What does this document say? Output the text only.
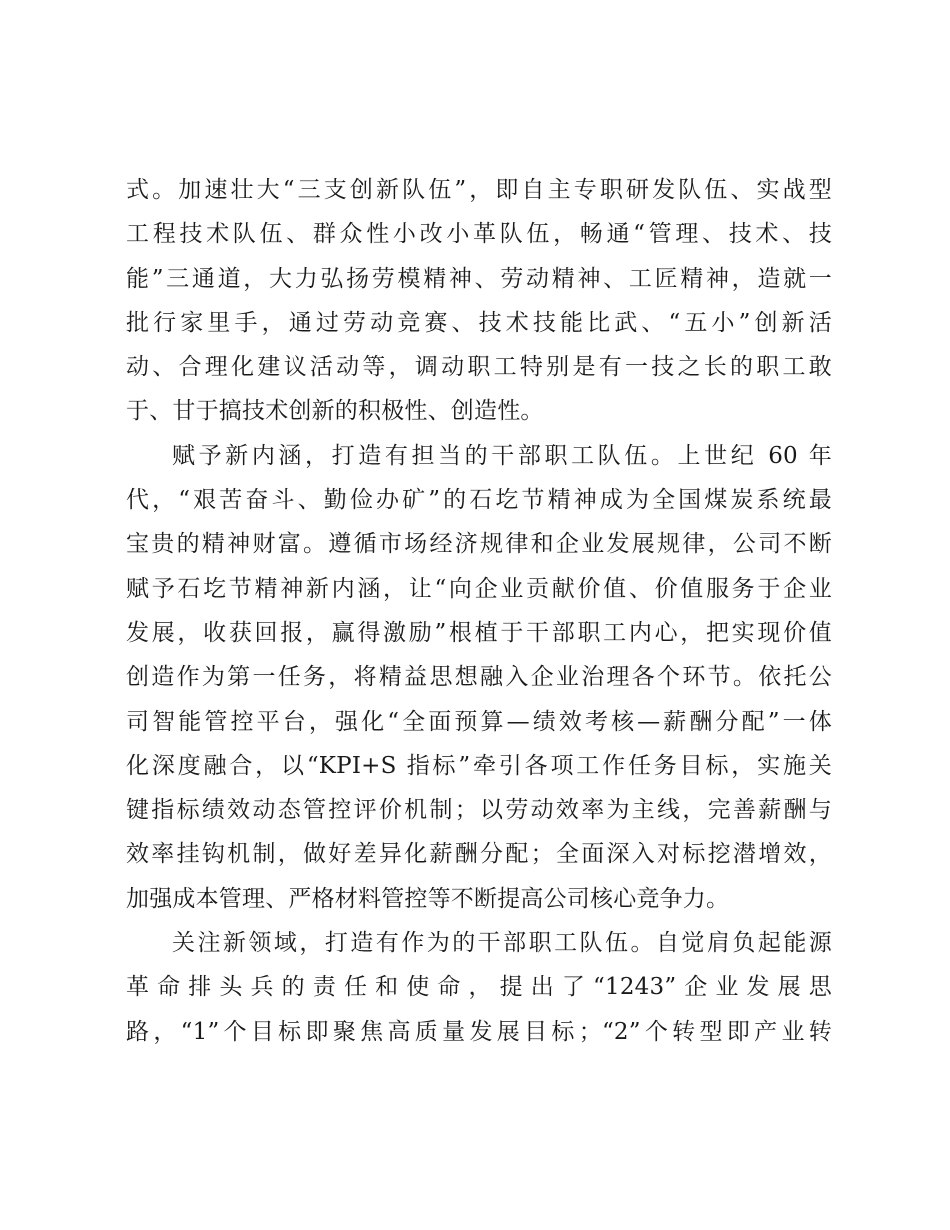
式。加速壮大“三支创新队伍”，即自主专职研发队伍、实战型
工程技术队伍、群众性小改小革队伍，畅通“管理、技术、技
能”三通道，大力弘扬劳模精神、劳动精神、工匠精神，造就一
批行家里手，通过劳动竞赛、技术技能比武、“五小”创新活
动、合理化建议活动等，调动职工特别是有一技之长的职工敢
于、甘于搞技术创新的积极性、创造性。
赋予新内涵，打造有担当的干部职工队伍。上世纪 60 年
代，“艰苦奋斗、勤俭办矿”的石圪节精神成为全国煤炭系统最
宝贵的精神财富。遵循市场经济规律和企业发展规律，公司不断
赋予石圪节精神新内涵，让“向企业贡献价值、价值服务于企业
发展，收获回报，赢得激励”根植于干部职工内心，把实现价值
创造作为第一任务，将精益思想融入企业治理各个环节。依托公
司智能管控平台，强化“全面预算—绩效考核—薪酬分配”一体
化深度融合，以“KPI+S 指标”牵引各项工作任务目标，实施关
键指标绩效动态管控评价机制；以劳动效率为主线，完善薪酬与
效率挂钩机制，做好差异化薪酬分配；全面深入对标挖潜增效，
加强成本管理、严格材料管控等不断提高公司核心竞争力。
关注新领域，打造有作为的干部职工队伍。自觉肩负起能源
革命排头兵的责任和使命，提出了“1243”企业发展思
路，“1”个目标即聚焦高质量发展目标；“2”个转型即产业转
